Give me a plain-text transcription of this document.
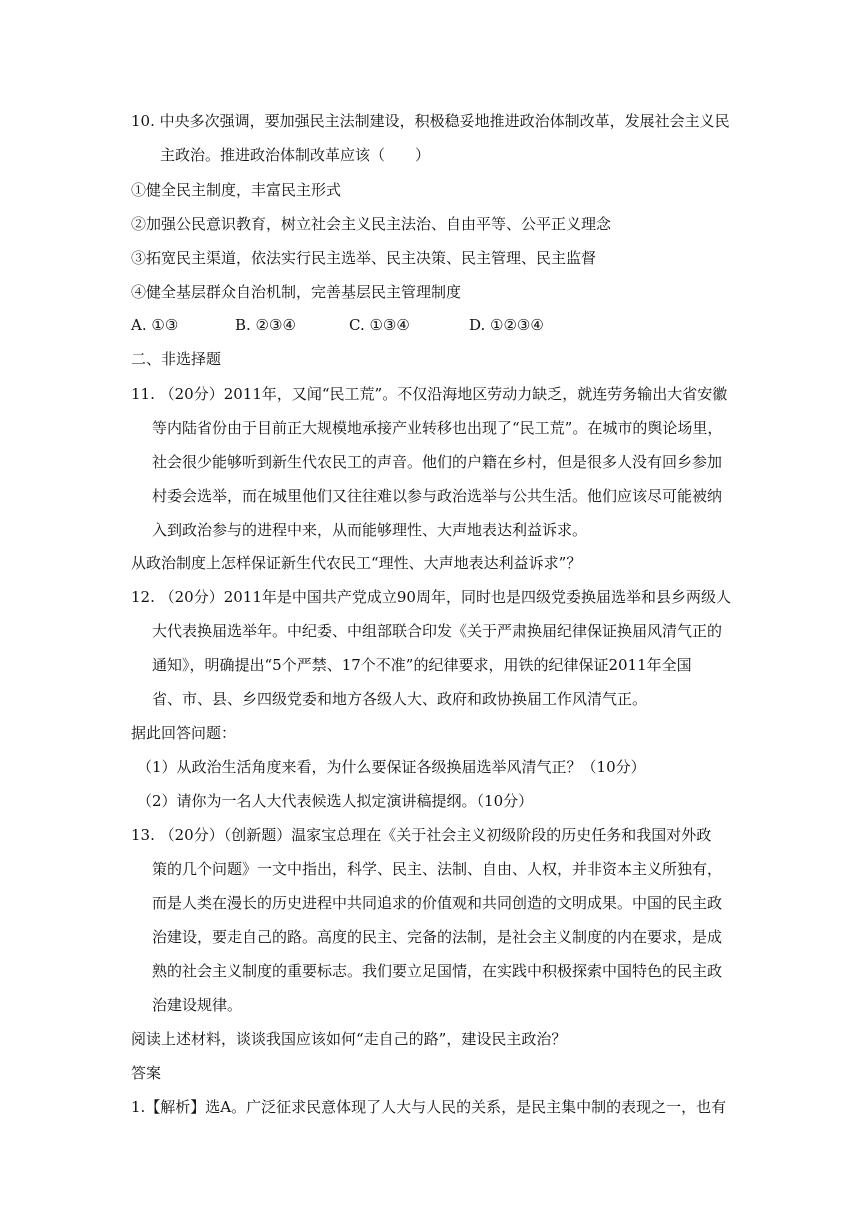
10. 中央多次强调，要加强民主法制建设，积极稳妥地推进政治体制改革，发展社会主义民
主政治。推进政治体制改革应该（　　）
①健全民主制度，丰富民主形式
②加强公民意识教育，树立社会主义民主法治、自由平等、公平正义理念
③拓宽民主渠道，依法实行民主选举、民主决策、民主管理、民主监督
④健全基层群众自治机制，完善基层民主管理制度
A. ①③	B. ②③④	C. ①③④	D. ①②③④
二、非选择题
11. （20分）2011年，又闻“民工荒”。不仅沿海地区劳动力缺乏，就连劳务输出大省安徽
等内陆省份由于目前正大规模地承接产业转移也出现了“民工荒”。在城市的舆论场里，
社会很少能够听到新生代农民工的声音。他们的户籍在乡村，但是很多人没有回乡参加
村委会选举，而在城里他们又往往难以参与政治选举与公共生活。他们应该尽可能被纳
入到政治参与的进程中来，从而能够理性、大声地表达利益诉求。
从政治制度上怎样保证新生代农民工“理性、大声地表达利益诉求”？
12. （20分）2011年是中国共产党成立90周年，同时也是四级党委换届选举和县乡两级人
大代表换届选举年。中纪委、中组部联合印发《关于严肃换届纪律保证换届风清气正的
通知》，明确提出“5个严禁、17个不准”的纪律要求，用铁的纪律保证2011年全国
省、市、县、乡四级党委和地方各级人大、政府和政协换届工作风清气正。
据此回答问题：
（1）从政治生活角度来看，为什么要保证各级换届选举风清气正？（10分）
（2）请你为一名人大代表候选人拟定演讲稿提纲。（10分）
13. （20分）（创新题）温家宝总理在《关于社会主义初级阶段的历史任务和我国对外政
策的几个问题》一文中指出，科学、民主、法制、自由、人权，并非资本主义所独有，
而是人类在漫长的历史进程中共同追求的价值观和共同创造的文明成果。中国的民主政
治建设，要走自己的路。高度的民主、完备的法制，是社会主义制度的内在要求，是成
熟的社会主义制度的重要标志。我们要立足国情，在实践中积极探索中国特色的民主政
治建设规律。
阅读上述材料，谈谈我国应该如何“走自己的路”，建设民主政治？
答案
1.【解析】选A。广泛征求民意体现了人大与人民的关系，是民主集中制的表现之一，也有
